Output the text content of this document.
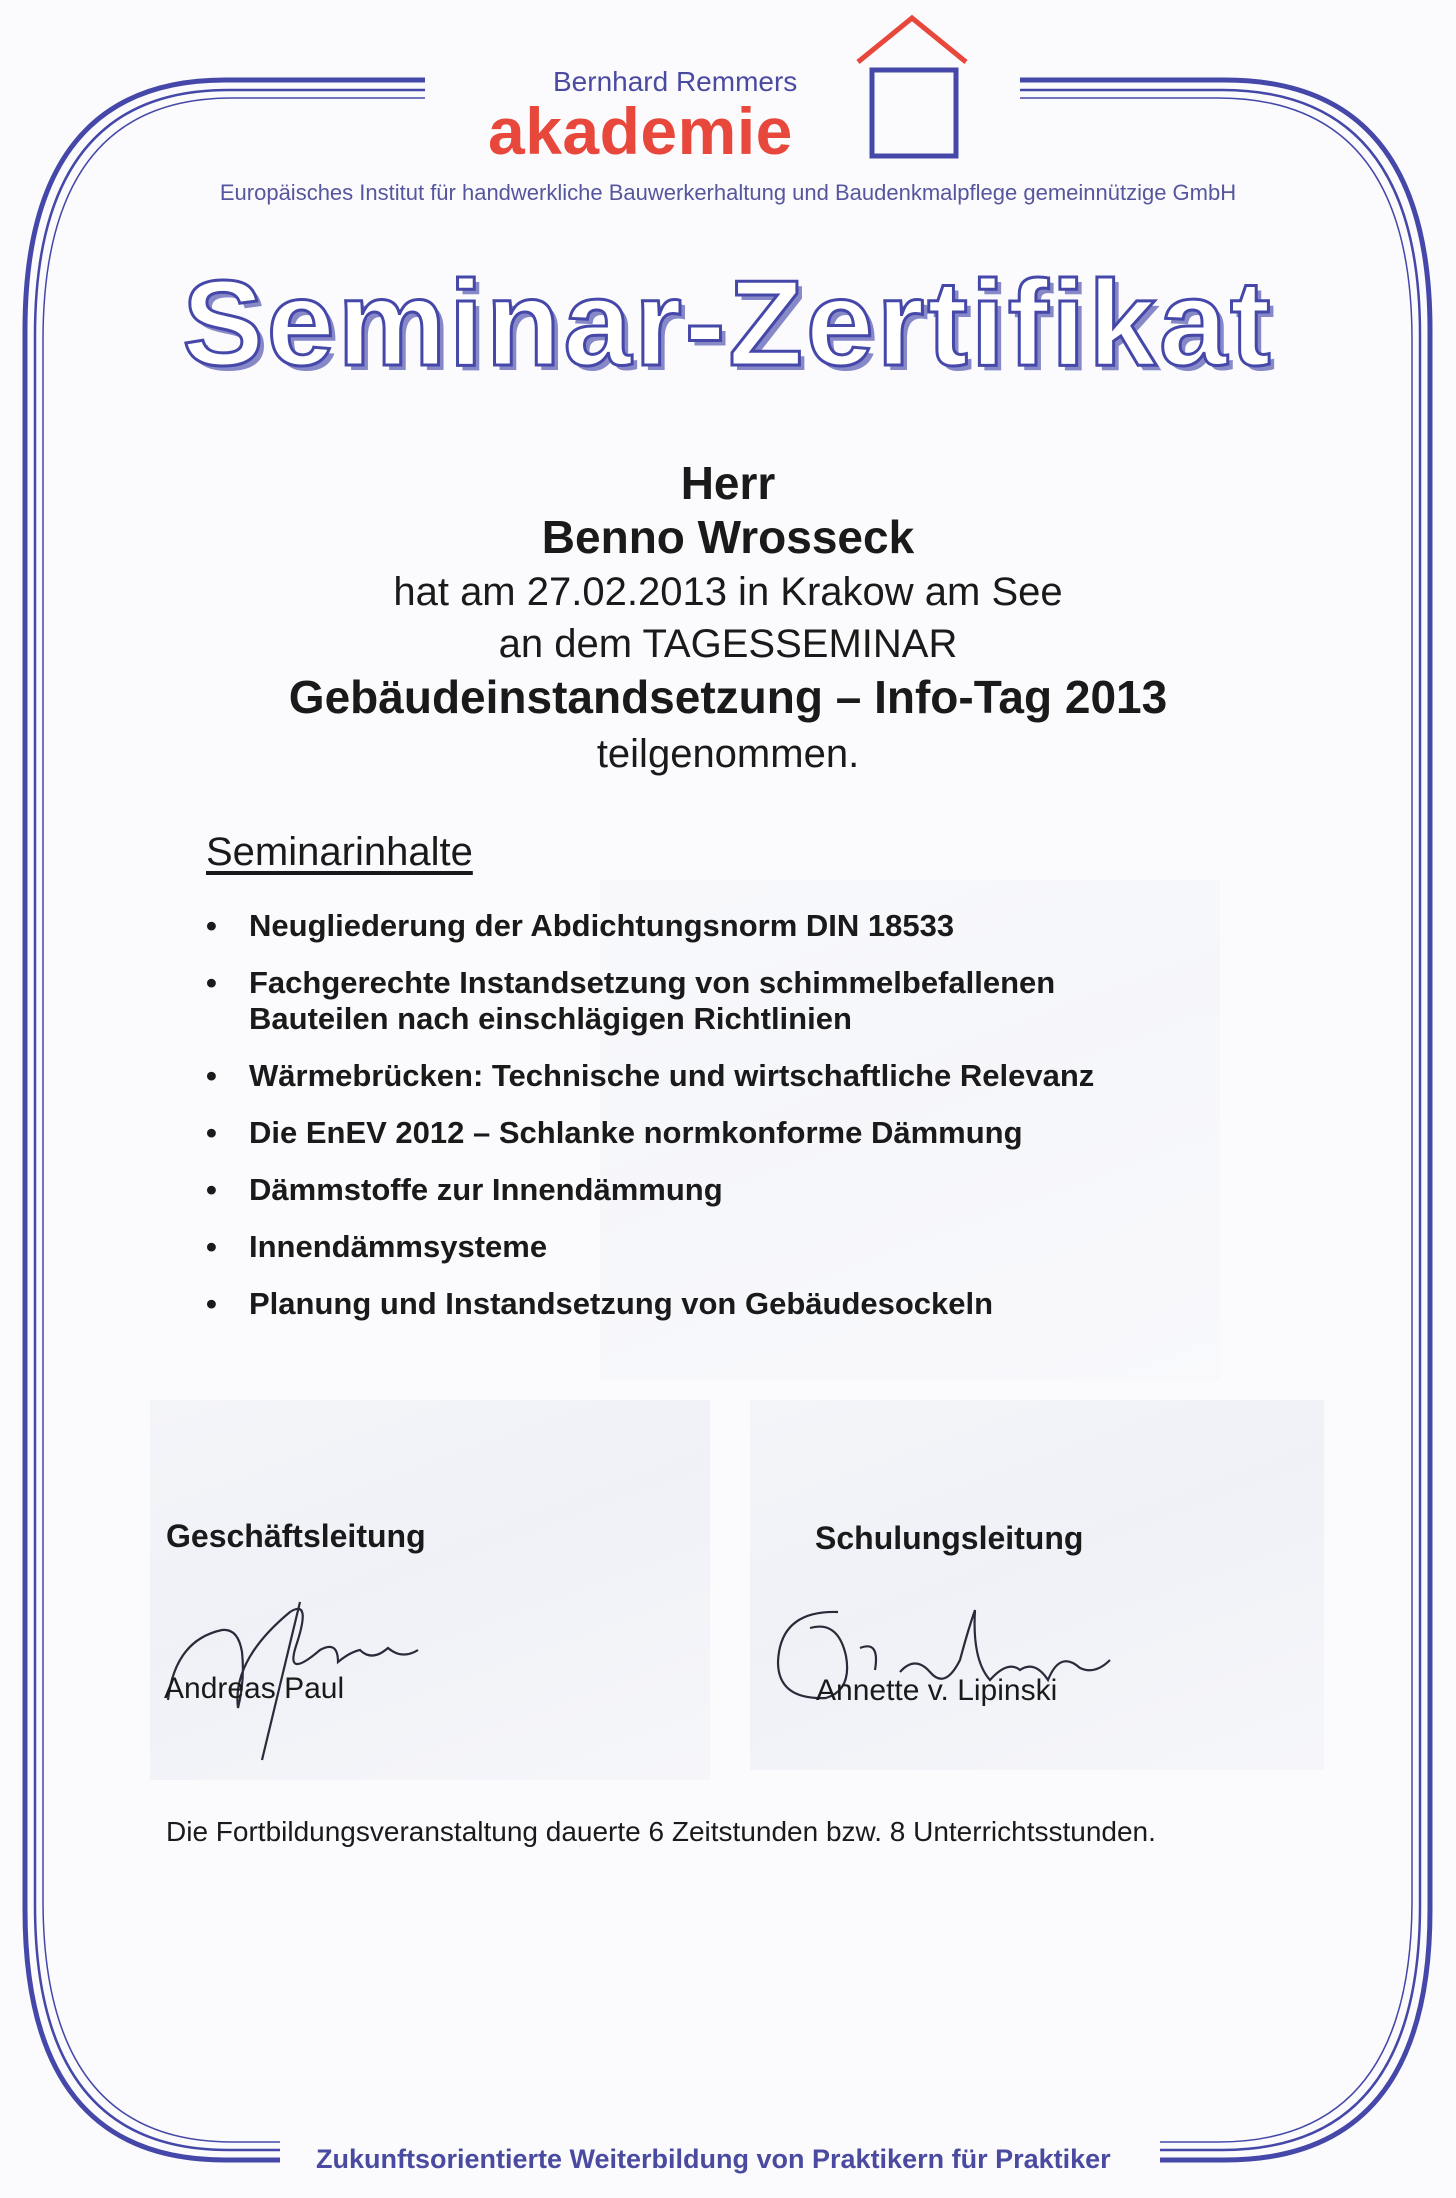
Bernhard Remmers
akademie
Europäisches Institut für handwerkliche Bauwerkerhaltung und Baudenkmalpflege gemeinnützige GmbH
Seminar-Zertifikat
Herr
Benno Wrosseck
hat am 27.02.2013 in Krakow am See
an dem TAGESSEMINAR
Gebäudeinstandsetzung – Info-Tag 2013
teilgenommen.
Seminarinhalte
• Neugliederung der Abdichtungsnorm DIN 18533
• Fachgerechte Instandsetzung von schimmelbefallenen Bauteilen nach einschlägigen Richtlinien
• Wärmebrücken: Technische und wirtschaftliche Relevanz
• Die EnEV 2012 – Schlanke normkonforme Dämmung
• Dämmstoffe zur Innendämmung
• Innendämmsysteme
• Planung und Instandsetzung von Gebäudesockeln
Geschäftsleitung
Andreas Paul
Schulungsleitung
Annette v. Lipinski
Die Fortbildungsveranstaltung dauerte 6 Zeitstunden bzw. 8 Unterrichtsstunden.
Zukunftsorientierte Weiterbildung von Praktikern für Praktiker
